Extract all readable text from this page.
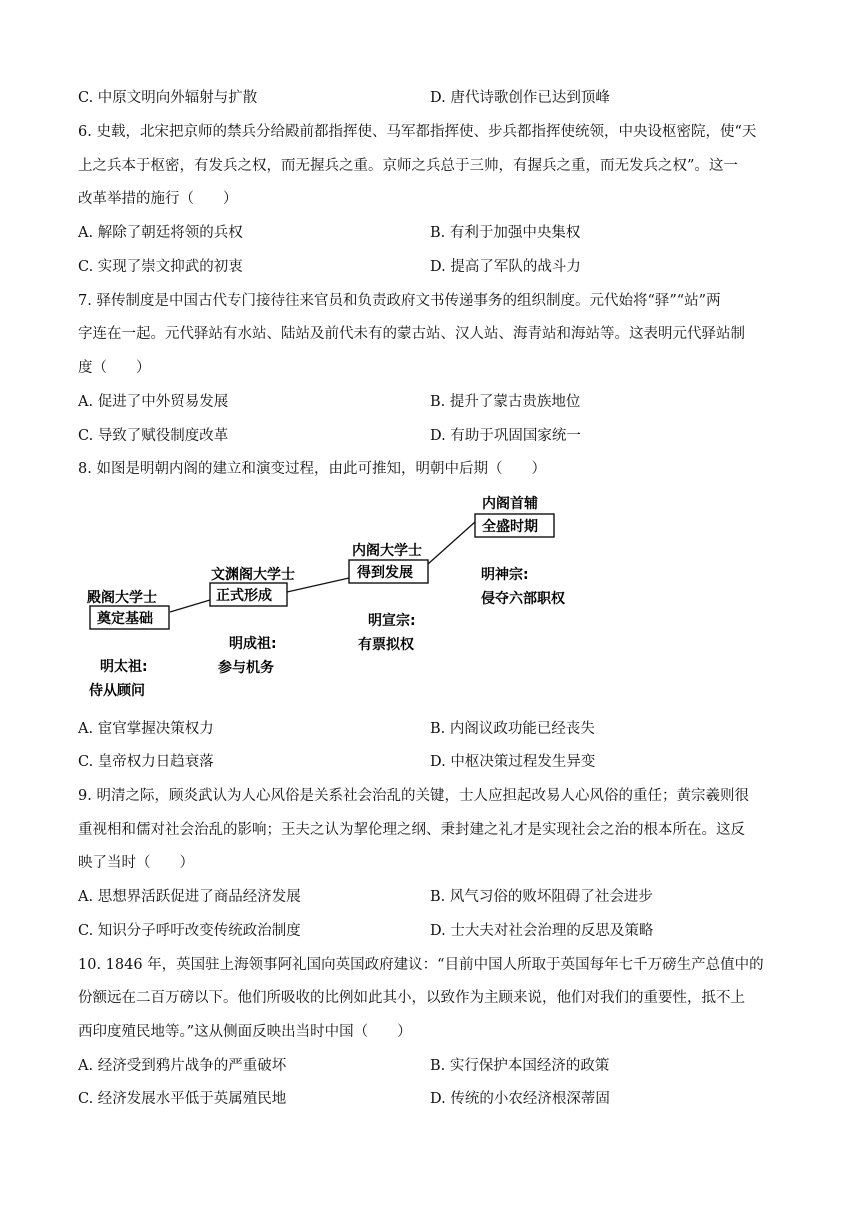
C. 中原文明向外辐射与扩散	D. 唐代诗歌创作已达到顶峰
6. 史载，北宋把京师的禁兵分给殿前都指挥使、马军都指挥使、步兵都指挥使统领，中央设枢密院，使“天
上之兵本于枢密，有发兵之权，而无握兵之重。京师之兵总于三帅，有握兵之重，而无发兵之权”。这一
改革举措的施行（　　）
A. 解除了朝廷将领的兵权	B. 有利于加强中央集权
C. 实现了崇文抑武的初衷	D. 提高了军队的战斗力
7. 驿传制度是中国古代专门接待往来官员和负责政府文书传递事务的组织制度。元代始将“驿”“站”两
字连在一起。元代驿站有水站、陆站及前代未有的蒙古站、汉人站、海青站和海站等。这表明元代驿站制
度（　　）
A. 促进了中外贸易发展	B. 提升了蒙古贵族地位
C. 导致了赋役制度改革	D. 有助于巩固国家统一
8. 如图是明朝内阁的建立和演变过程，由此可推知，明朝中后期（　　）
殿阁大学士
奠定基础
明太祖:
侍从顾问
文渊阁大学士
正式形成
明成祖:
参与机务
内阁大学士
得到发展
明宣宗:
有票拟权
内阁首辅
全盛时期
明神宗:
侵夺六部职权
A. 宦官掌握决策权力	B. 内阁议政功能已经丧失
C. 皇帝权力日趋衰落	D. 中枢决策过程发生异变
9. 明清之际，顾炎武认为人心风俗是关系社会治乱的关键，士人应担起改易人心风俗的重任；黄宗羲则很
重视相和儒对社会治乱的影响；王夫之认为挈伦理之纲、秉封建之礼才是实现社会之治的根本所在。这反
映了当时（　　）
A. 思想界活跃促进了商品经济发展	B. 风气习俗的败坏阻碍了社会进步
C. 知识分子呼吁改变传统政治制度	D. 士大夫对社会治理的反思及策略
10. 1846 年，英国驻上海领事阿礼国向英国政府建议：“目前中国人所取于英国每年七千万磅生产总值中的
份额远在二百万磅以下。他们所吸收的比例如此其小，以致作为主顾来说，他们对我们的重要性，抵不上
西印度殖民地等。”这从侧面反映出当时中国（　　）
A. 经济受到鸦片战争的严重破坏	B. 实行保护本国经济的政策
C. 经济发展水平低于英属殖民地	D. 传统的小农经济根深蒂固
